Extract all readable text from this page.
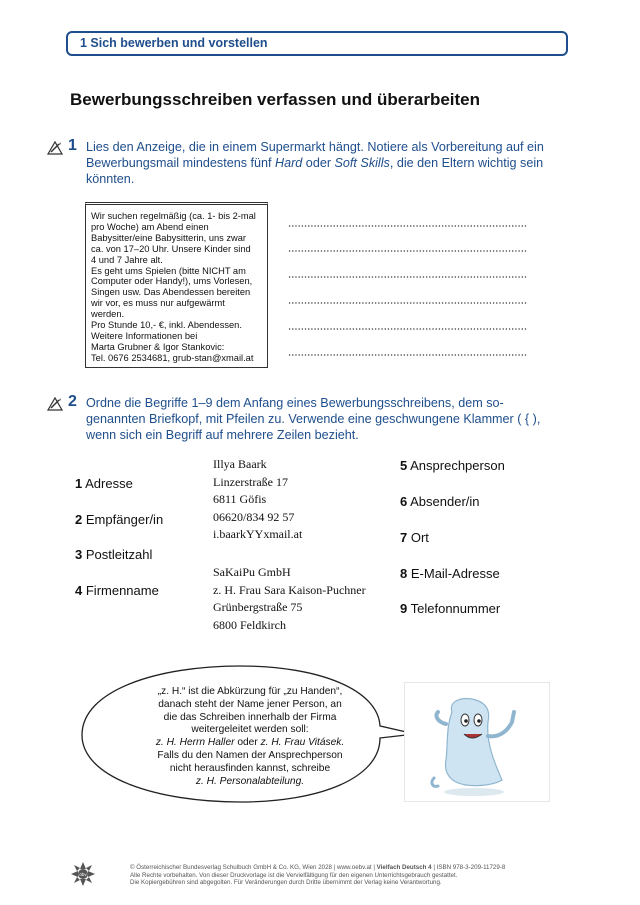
1 Sich bewerben und vorstellen
Bewerbungsschreiben verfassen und überarbeiten
1 Lies den Anzeige, die in einem Supermarkt hängt. Notiere als Vorbereitung auf ein
Bewerbungsmail mindestens fünf Hard oder Soft Skills, die den Eltern wichtig sein
könnten.
Wir suchen regelmäßig (ca. 1- bis 2-mal
pro Woche) am Abend einen
Babysitter/eine Babysitterin, uns zwar
ca. von 17–20 Uhr. Unsere Kinder sind
4 und 7 Jahre alt.
Es geht ums Spielen (bitte NICHT am
Computer oder Handy!), ums Vorlesen,
Singen usw. Das Abendessen bereiten
wir vor, es muss nur aufgewärmt
werden.
Pro Stunde 10,- €, inkl. Abendessen.
Weitere Informationen bei
Marta Grubner & Igor Stankovic:
Tel. 0676 2534681, grub-stan@xmail.at
2 Ordne die Begriffe 1–9 dem Anfang eines Bewerbungsschreibens, dem so-
genannten Briefkopf, mit Pfeilen zu. Verwende eine geschwungene Klammer ( { ),
wenn sich ein Begriff auf mehrere Zeilen bezieht.
1 Adresse
2 Empfänger/in
3 Postleitzahl
4 Firmenname
Illya Baark
Linzerstraße 17
6811 Göfis
06620/834 92 57
i.baarkYYxmail.at
SaKaiPu GmbH
z. H. Frau Sara Kaison-Puchner
Grünbergstraße 75
6800 Feldkirch
5 Ansprechperson
6 Absender/in
7 Ort
8 E-Mail-Adresse
9 Telefonnummer
„z. H.“ ist die Abkürzung für „zu Handen“,
danach steht der Name jener Person, an
die das Schreiben innerhalb der Firma
weitergeleitet werden soll:
z. H. Herrn Haller oder z. H. Frau Vitásek.
Falls du den Namen der Ansprechperson
nicht herausfinden kannst, schreibe
z. H. Personalabteilung.
öbv
© Österreichischer Bundesverlag Schulbuch GmbH & Co. KG, Wien 2028 | www.oebv.at | Vielfach Deutsch 4 | ISBN 978-3-209-11729-8
Alle Rechte vorbehalten. Von dieser Druckvorlage ist die Vervielfältigung für den eigenen Unterrichtsgebrauch gestattet.
Die Kopiergebühren sind abgegolten. Für Veränderungen durch Dritte übernimmt der Verlag keine Verantwortung.
